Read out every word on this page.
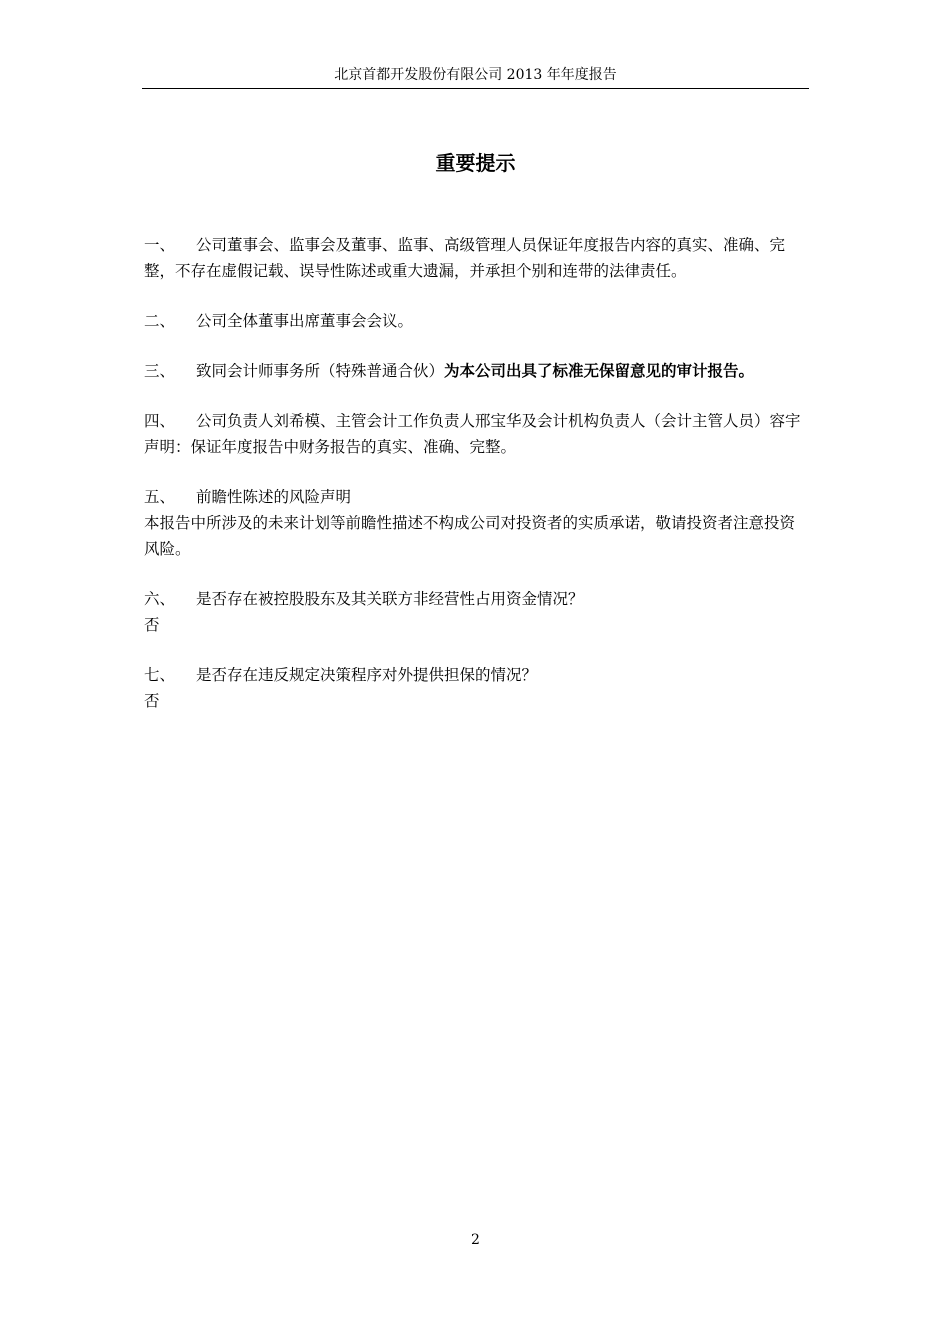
北京首都开发股份有限公司 2013 年年度报告
重要提示

一、 公司董事会、监事会及董事、监事、高级管理人员保证年度报告内容的真实、准确、完整，不存在虚假记载、误导性陈述或重大遗漏，并承担个别和连带的法律责任。

二、 公司全体董事出席董事会会议。

三、 致同会计师事务所（特殊普通合伙）为本公司出具了标准无保留意见的审计报告。

四、 公司负责人刘希模、主管会计工作负责人邢宝华及会计机构负责人（会计主管人员）容宇声明：保证年度报告中财务报告的真实、准确、完整。

五、 前瞻性陈述的风险声明

本报告中所涉及的未来计划等前瞻性描述不构成公司对投资者的实质承诺，敬请投资者注意投资风险。

六、 是否存在被控股股东及其关联方非经营性占用资金情况？

否

七、 是否存在违反规定决策程序对外提供担保的情况？

否

2
